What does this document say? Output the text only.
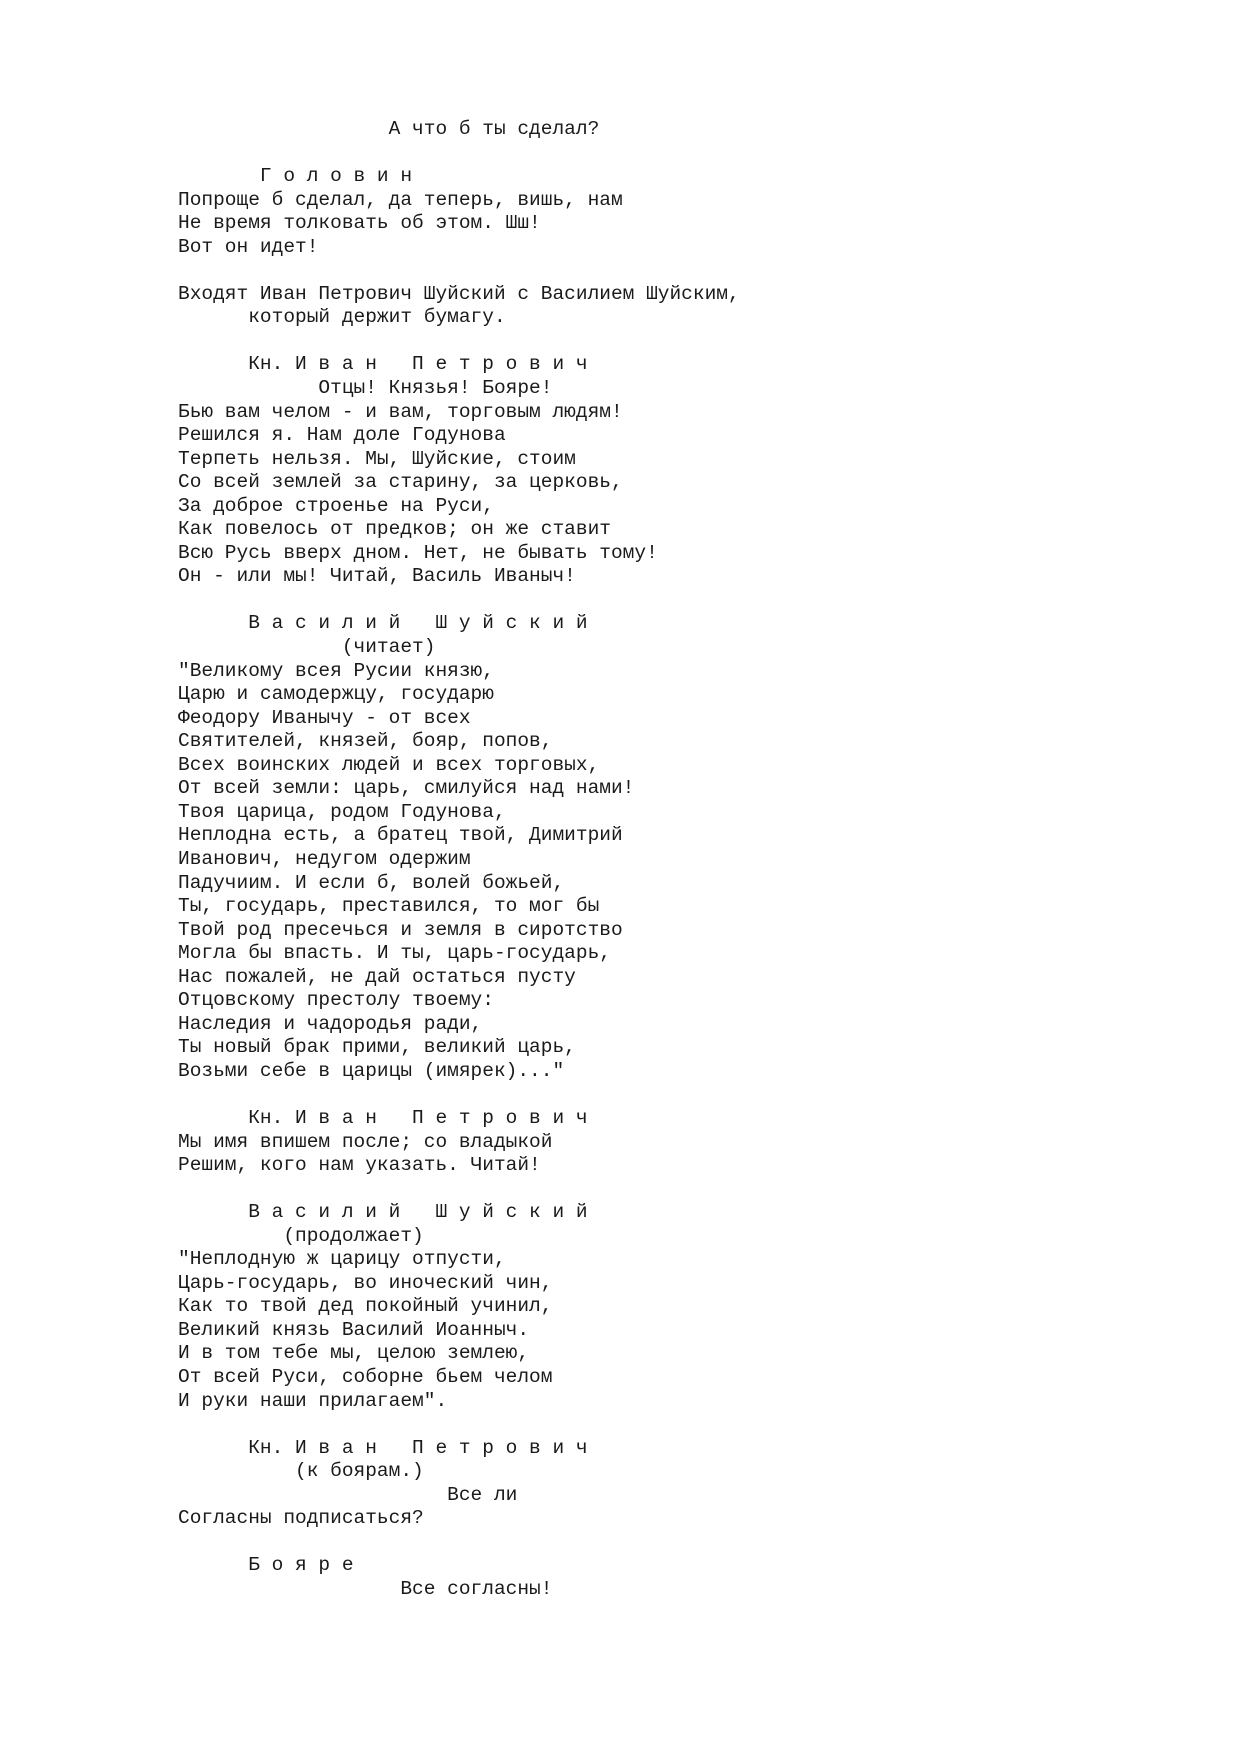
А что б ты сделал?
Г о л о в и н
Попроще б сделал, да теперь, вишь, нам
Не время толковать об этом. Шш!
Вот он идет!
Входят Иван Петрович Шуйский с Василием Шуйским,
который держит бумагу.
Кн. И в а н   П е т р о в и ч
Отцы! Князья! Бояре!
Бью вам челом - и вам, торговым людям!
Решился я. Нам доле Годунова
Терпеть нельзя. Мы, Шуйские, стоим
Со всей землей за старину, за церковь,
За доброе строенье на Руси,
Как повелось от предков; он же ставит
Всю Русь вверх дном. Нет, не бывать тому!
Он - или мы! Читай, Василь Иваныч!
В а с и л и й   Ш у й с к и й
(читает)
"Великому всея Русии князю,
Царю и самодержцу, государю
Феодору Иванычу - от всех
Святителей, князей, бояр, попов,
Всех воинских людей и всех торговых,
От всей земли: царь, смилуйся над нами!
Твоя царица, родом Годунова,
Неплодна есть, а братец твой, Димитрий
Иванович, недугом одержим
Падучиим. И если б, волей божьей,
Ты, государь, преставился, то мог бы
Твой род пресечься и земля в сиротство
Могла бы впасть. И ты, царь-государь,
Нас пожалей, не дай остаться пусту
Отцовскому престолу твоему:
Наследия и чадородья ради,
Ты новый брак прими, великий царь,
Возьми себе в царицы (имярек)..."
Кн. И в а н   П е т р о в и ч
Мы имя впишем после; со владыкой
Решим, кого нам указать. Читай!
В а с и л и й   Ш у й с к и й
(продолжает)
"Неплодную ж царицу отпусти,
Царь-государь, во иноческий чин,
Как то твой дед покойный учинил,
Великий князь Василий Иоанныч.
И в том тебе мы, целою землею,
От всей Руси, соборне бьем челом
И руки наши прилагаем".
Кн. И в а н   П е т р о в и ч
(к боярам.)
Все ли
Согласны подписаться?
Б о я р е
Все согласны!
